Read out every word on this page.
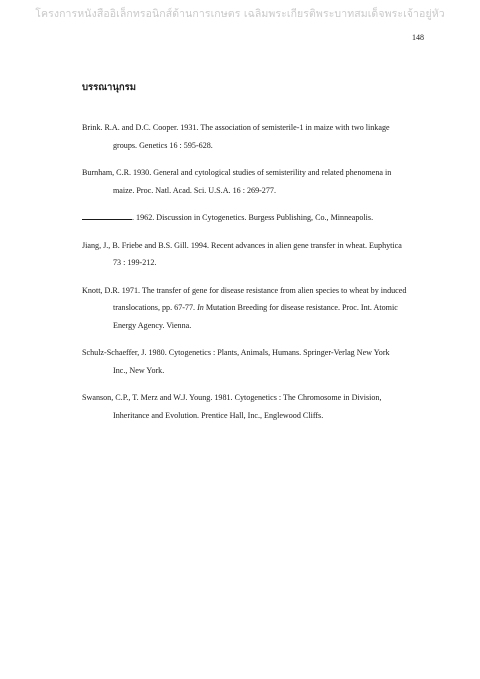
โครงการหนังสืออิเล็กทรอนิกส์ด้านการเกษตร เฉลิมพระเกียรติพระบาทสมเด็จพระเจ้าอยู่หัว
148
บรรณานุกรม
Brink. R.A. and D.C. Cooper. 1931. The association of semisterile-1 in maize with two linkage
groups. Genetics 16 : 595-628.
Burnham, C.R. 1930. General and cytological studies of semisterility and related phenomena in
maize. Proc. Natl. Acad. Sci. U.S.A. 16 : 269-277.
. 1962. Discussion in Cytogenetics. Burgess Publishing, Co., Minneapolis.
Jiang, J., B. Friebe and B.S. Gill. 1994. Recent advances in alien gene transfer in wheat. Euphytica
73 : 199-212.
Knott, D.R. 1971. The transfer of gene for disease resistance from alien species to wheat by induced
translocations, pp. 67-77. In Mutation Breeding for disease resistance. Proc. Int. Atomic
Energy Agency. Vienna.
Schulz-Schaeffer, J. 1980. Cytogenetics : Plants, Animals, Humans. Springer-Verlag New York
Inc., New York.
Swanson, C.P., T. Merz and W.J. Young. 1981. Cytogenetics : The Chromosome in Division,
Inheritance and Evolution. Prentice Hall, Inc., Englewood Cliffs.
